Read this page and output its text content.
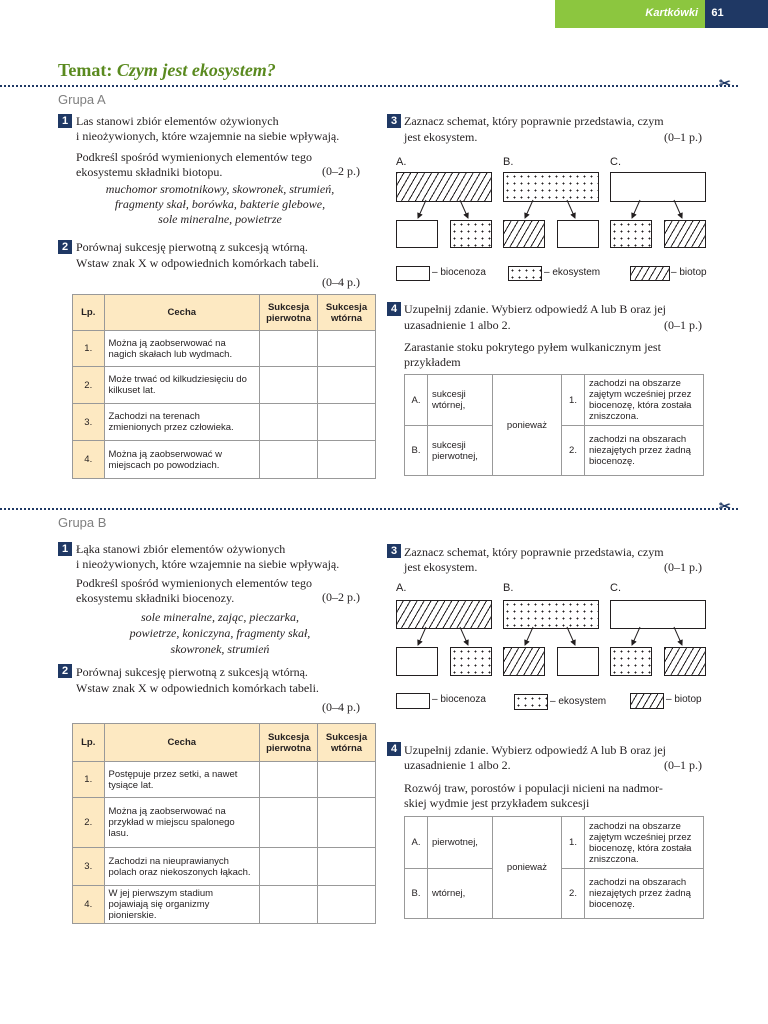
Kartkówki	61
Temat: Czym jest ekosystem?
✂
Grupa A
1 Las stanowi zbiór elementów ożywionych
i nieożywionych, które wzajemnie na siebie wpływają.
Podkreśl spośród wymienionych elementów tego
ekosystemu składniki biotopu.	(0–2 p.)
muchomor sromotnikowy, skowronek, strumień,
fragmenty skał, borówka, bakterie glebowe,
sole mineralne, powietrze
2 Porównaj sukcesję pierwotną z sukcesją wtórną.
Wstaw znak X w odpowiednich komórkach tabeli.
(0–4 p.)
Lp.	Cecha	Sukcesja pierwotna	Sukcesja wtórna
1.	Można ją zaobserwować na nagich skałach lub wydmach.		
2.	Może trwać od kilkudziesięciu do kilkuset lat.		
3.	Zachodzi na terenach zmienionych przez człowieka.		
4.	Można ją zaobserwować w miejscach po powodziach.		
3 Zaznacz schemat, który poprawnie przedstawia, czym
jest ekosystem.	(0–1 p.)
A.	B.	C.
– biocenoza	– ekosystem	– biotop
4 Uzupełnij zdanie. Wybierz odpowiedź A lub B oraz jej
uzasadnienie 1 albo 2.	(0–1 p.)
Zarastanie stoku pokrytego pyłem wulkanicznym jest
przykładem
A.	sukcesji wtórnej,	ponieważ	1.	zachodzi na obszarze zajętym wcześniej przez biocenozę, która została zniszczona.
B.	sukcesji pierwotnej,		2.	zachodzi na obszarach niezajętych przez żadną biocenozę.
✂
Grupa B
1 Łąka stanowi zbiór elementów ożywionych
i nieożywionych, które wzajemnie na siebie wpływają.
Podkreśl spośród wymienionych elementów tego
ekosystemu składniki biocenozy.	(0–2 p.)
sole mineralne, zając, pieczarka,
powietrze, koniczyna, fragmenty skał,
skowronek, strumień
2 Porównaj sukcesję pierwotną z sukcesją wtórną.
Wstaw znak X w odpowiednich komórkach tabeli.
(0–4 p.)
Lp.	Cecha	Sukcesja pierwotna	Sukcesja wtórna
1.	Postępuje przez setki, a nawet tysiące lat.		
2.	Można ją zaobserwować na przykład w miejscu spalonego lasu.		
3.	Zachodzi na nieuprawianych polach oraz niekoszonych łąkach.		
4.	W jej pierwszym stadium pojawiają się organizmy pionierskie.		
3 Zaznacz schemat, który poprawnie przedstawia, czym
jest ekosystem.	(0–1 p.)
A.	B.	C.
– biocenoza	– ekosystem	– biotop
4 Uzupełnij zdanie. Wybierz odpowiedź A lub B oraz jej
uzasadnienie 1 albo 2.	(0–1 p.)
Rozwój traw, porostów i populacji nicieni na nadmor-
skiej wydmie jest przykładem sukcesji
A.	pierwotnej,	ponieważ	1.	zachodzi na obszarze zajętym wcześniej przez biocenozę, która została zniszczona.
B.	wtórnej,		2.	zachodzi na obszarach niezajętych przez żadną biocenozę.
